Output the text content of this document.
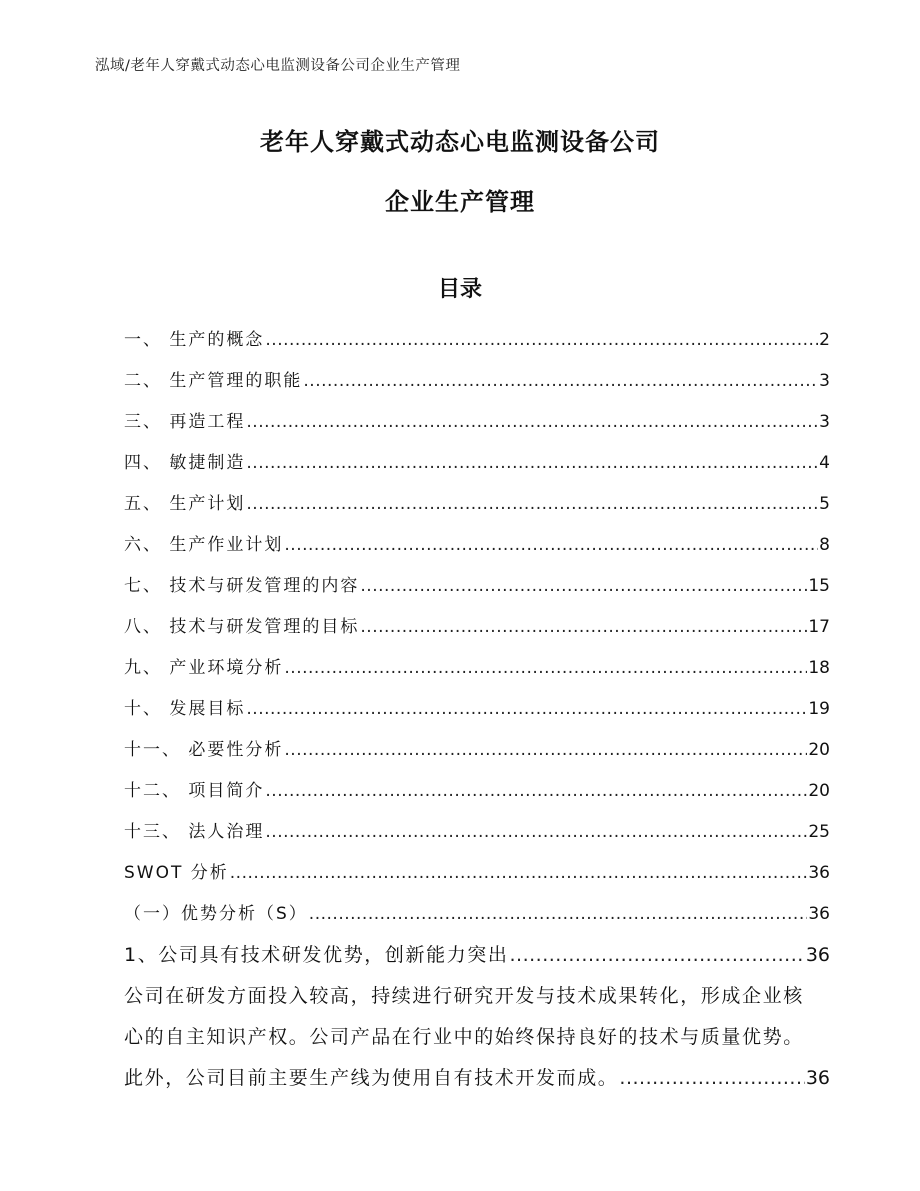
泓域/老年人穿戴式动态心电监测设备公司企业生产管理
老年人穿戴式动态心电监测设备公司
企业生产管理
目录
一、 生产的概念 .....	2
二、 生产管理的职能 .....	3
三、 再造工程 .....	3
四、 敏捷制造 .....	4
五、 生产计划 .....	5
六、 生产作业计划 .....	8
七、 技术与研发管理的内容 .....	15
八、 技术与研发管理的目标 .....	17
九、 产业环境分析 .....	18
十、 发展目标 .....	19
十一、 必要性分析 .....	20
十二、 项目简介 .....	20
十三、 法人治理 .....	25
SWOT 分析 .....	36
（一）优势分析（S） .....	36
1、公司具有技术研发优势，创新能力突出 .....	36
公司在研发方面投入较高，持续进行研究开发与技术成果转化，形成企业核
心的自主知识产权。公司产品在行业中的始终保持良好的技术与质量优势。
此外，公司目前主要生产线为使用自有技术开发而成。 .....	36
